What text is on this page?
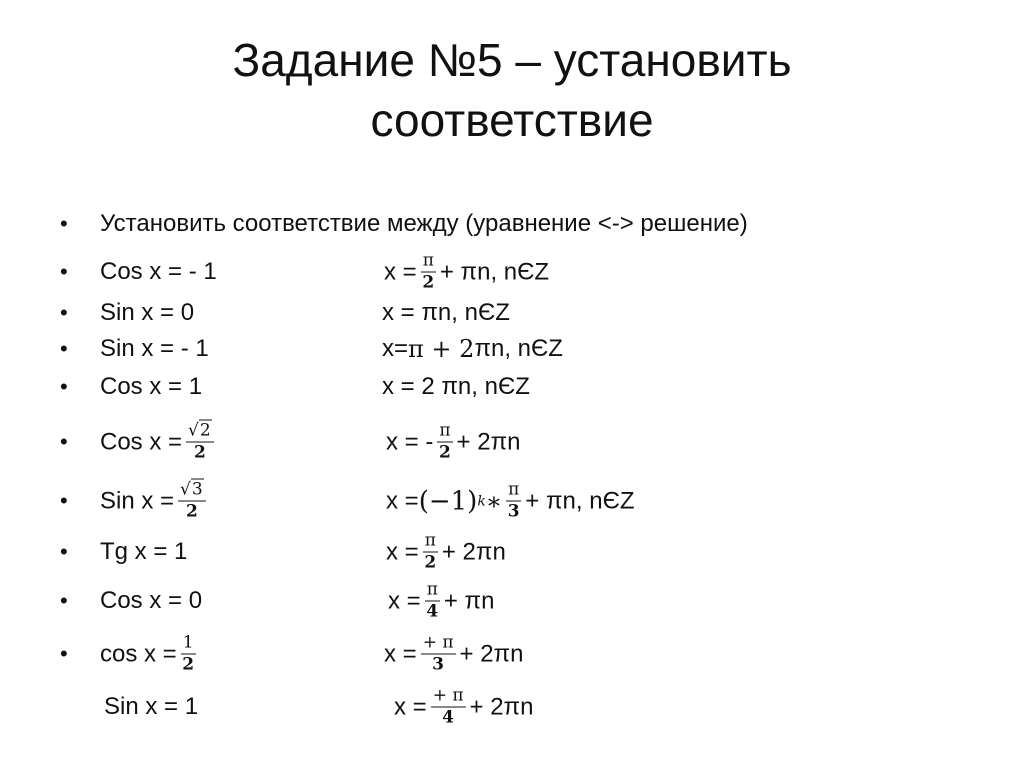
Задание №5 – установить
соответствие
• Установить соответствие между (уравнение <-> решение)
• Cos x = - 1	$x = \frac{\pi}{2} + \pi n$, nЄZ
• Sin x = 0	x = πn, nЄZ
• Sin x = - 1	x= π + 2 πn, nЄZ
• Cos x = 1	x = 2 πn, nЄZ
• Cos $x = \frac{√2}{2}$	x = - $\frac{\pi}{2} + 2\pi n$
• Sin $x = \frac{√3}{2}$	x = (−1) k ∗ $\frac{\pi}{3} + \pi n$, nЄZ
• Tg x = 1	$x = \frac{\pi}{2} + 2\pi n$
• Cos x = 0	$x = \frac{\pi}{4} + \pi n$
• $\cos x = \frac{1}{2}$	$x = \frac{+ \pi}{3} + 2\pi n$
Sin x = 1	$x = \frac{+ \pi}{4} + 2\pi n$
